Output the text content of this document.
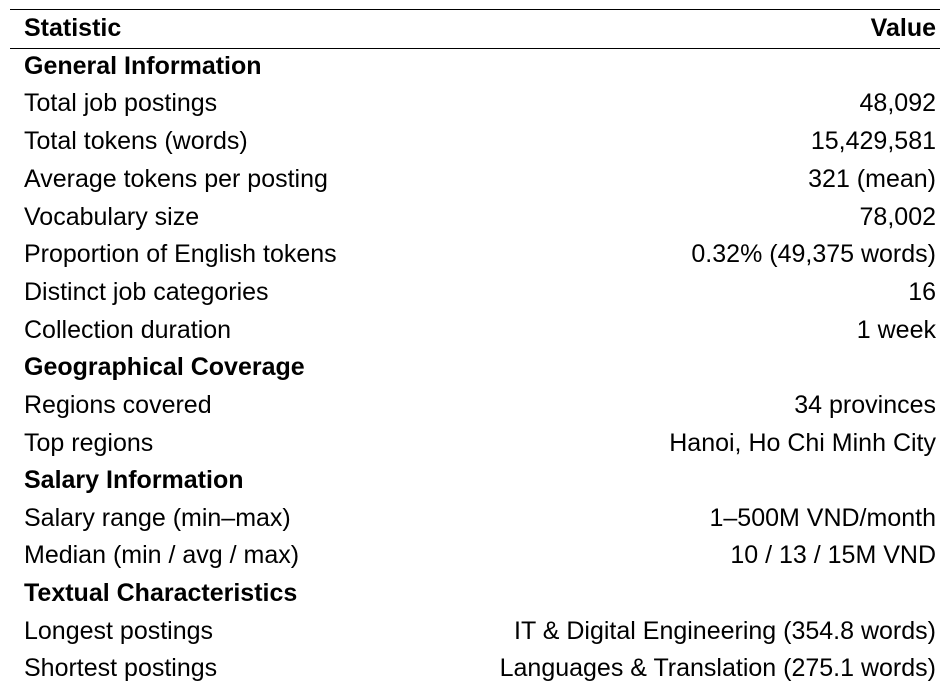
Statistic	Value
General Information
Total job postings	48,092
Total tokens (words)	15,429,581
Average tokens per posting	321 (mean)
Vocabulary size	78,002
Proportion of English tokens	0.32% (49,375 words)
Distinct job categories	16
Collection duration	1 week
Geographical Coverage
Regions covered	34 provinces
Top regions	Hanoi, Ho Chi Minh City
Salary Information
Salary range (min–max)	1–500M VND/month
Median (min / avg / max)	10 / 13 / 15M VND
Textual Characteristics
Longest postings	IT & Digital Engineering (354.8 words)
Shortest postings	Languages & Translation (275.1 words)
